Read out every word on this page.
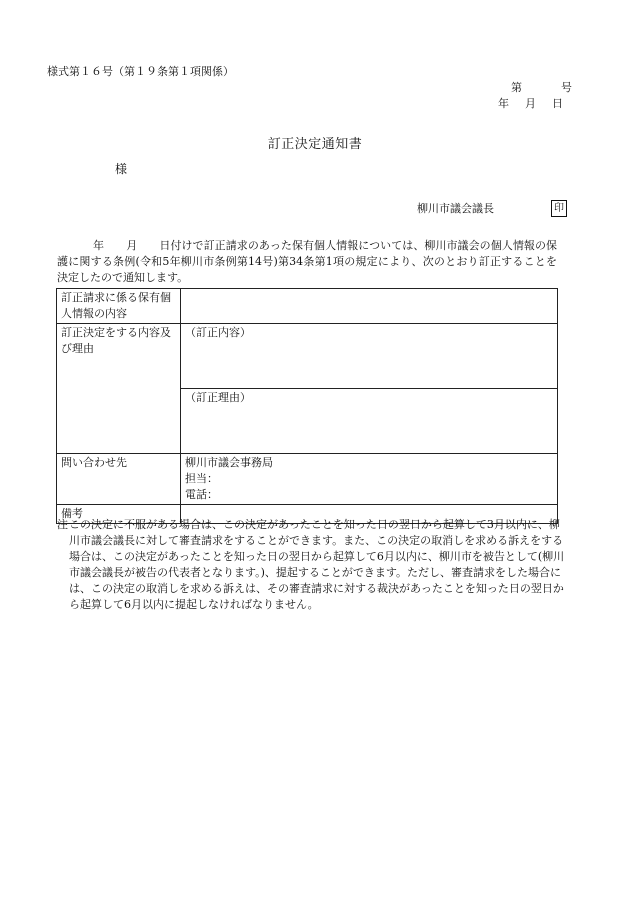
様式第１６号（第１９条第１項関係）
第	号
年 月 日
訂正決定通知書
様
柳川市議会議長	印
年　　月　　日付けで訂正請求のあった保有個人情報については、柳川市議会の個人情報の保護に関する条例(令和5年柳川市条例第14号)第34条第1項の規定により、次のとおり訂正することを決定したので通知します。
訂正請求に係る保有個人情報の内容	
訂正決定をする内容及び理由	（訂正内容）

	（訂正理由）

問い合わせ先	柳川市議会事務局
担当：
電話：

備考	
注 この決定に不服がある場合は、この決定があったことを知った日の翌日から起算して3月以内に、柳川市議会議長に対して審査請求をすることができます。また、この決定の取消しを求める訴えをする場合は、この決定があったことを知った日の翌日から起算して6月以内に、柳川市を被告として(柳川市議会議長が被告の代表者となります。)、提起することができます。ただし、審査請求をした場合には、この決定の取消しを求める訴えは、その審査請求に対する裁決があったことを知った日の翌日から起算して6月以内に提起しなければなりません。
